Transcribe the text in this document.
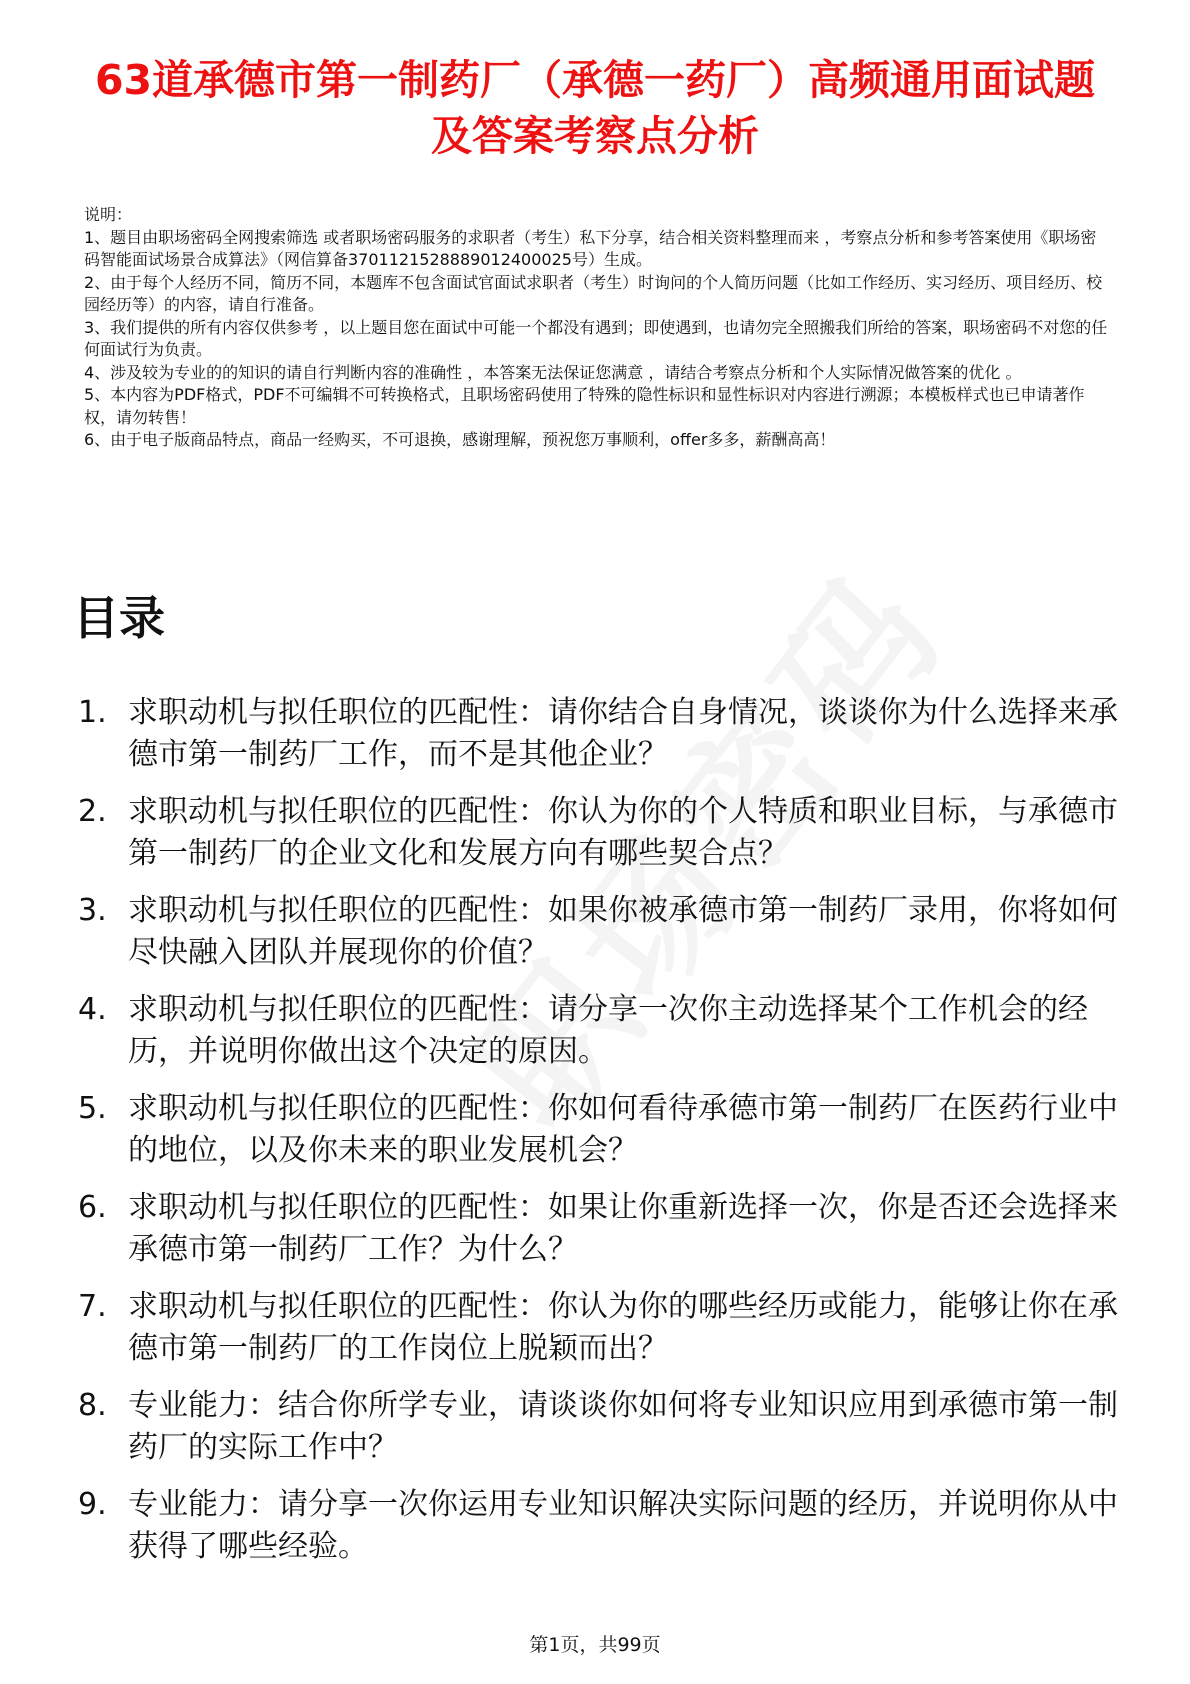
63道承德市第一制药厂（承德一药厂）高频通用面试题及答案考察点分析
说明：
1、题目由职场密码全网搜索筛选 或者职场密码服务的求职者（考生）私下分享，结合相关资料整理而来 ，考察点分析和参考答案使用《职场密码智能面试场景合成算法》（网信算备3701121528889012400025号）生成。
2、由于每个人经历不同，简历不同，本题库不包含面试官面试求职者（考生）时询问的个人简历问题（比如工作经历、实习经历、项目经历、校园经历等）的内容，请自行准备。
3、我们提供的所有内容仅供参考 ，以上题目您在面试中可能一个都没有遇到；即使遇到，也请勿完全照搬我们所给的答案，职场密码不对您的任何面试行为负责。
4、涉及较为专业的的知识的请自行判断内容的准确性 ，本答案无法保证您满意 ，请结合考察点分析和个人实际情况做答案的优化 。
5、本内容为PDF格式，PDF不可编辑不可转换格式，且职场密码使用了特殊的隐性标识和显性标识对内容进行溯源；本模板样式也已申请著作权，请勿转售！
6、由于电子版商品特点，商品一经购买，不可退换，感谢理解，预祝您万事顺利，offer多多，薪酬高高！
目录
1. 求职动机与拟任职位的匹配性：请你结合自身情况，谈谈你为什么选择来承德市第一制药厂工作，而不是其他企业？
2. 求职动机与拟任职位的匹配性：你认为你的个人特质和职业目标，与承德市第一制药厂的企业文化和发展方向有哪些契合点？
3. 求职动机与拟任职位的匹配性：如果你被承德市第一制药厂录用，你将如何尽快融入团队并展现你的价值？
4. 求职动机与拟任职位的匹配性：请分享一次你主动选择某个工作机会的经历，并说明你做出这个决定的原因。
5. 求职动机与拟任职位的匹配性：你如何看待承德市第一制药厂在医药行业中的地位，以及你未来的职业发展机会？
6. 求职动机与拟任职位的匹配性：如果让你重新选择一次，你是否还会选择来承德市第一制药厂工作？为什么？
7. 求职动机与拟任职位的匹配性：你认为你的哪些经历或能力，能够让你在承德市第一制药厂的工作岗位上脱颖而出？
8. 专业能力：结合你所学专业，请谈谈你如何将专业知识应用到承德市第一制药厂的实际工作中？
9. 专业能力：请分享一次你运用专业知识解决实际问题的经历，并说明你从中获得了哪些经验。
第1页，共99页
